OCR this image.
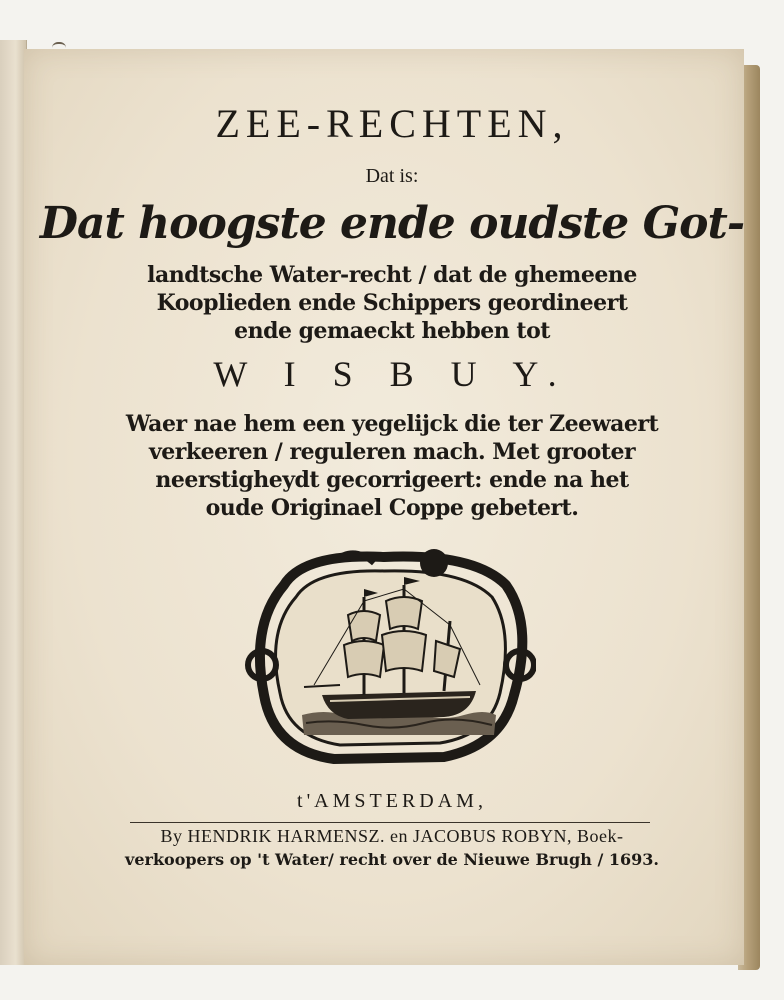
ZEE-RECHTEN,
Dat is:
Dat hoogste ende oudste Got-
landtsche Water-recht / dat de ghemeene
Kooplieden ende Schippers geordineert
ende gemaeckt hebben tot
W I S B U Y.
Waer nae hem een yegelijck die ter Zeewaert
verkeeren / reguleren mach. Met grooter
neerstigheydt gecorrigeert: ende na het
oude Originael Coppe gebetert.
t'AMSTERDAM,
By HENDRIK HARMENSZ. en JACOBUS ROBYN, Boek-
verkoopers op 't Water/ recht over de Nieuwe Brugh / 1693.
